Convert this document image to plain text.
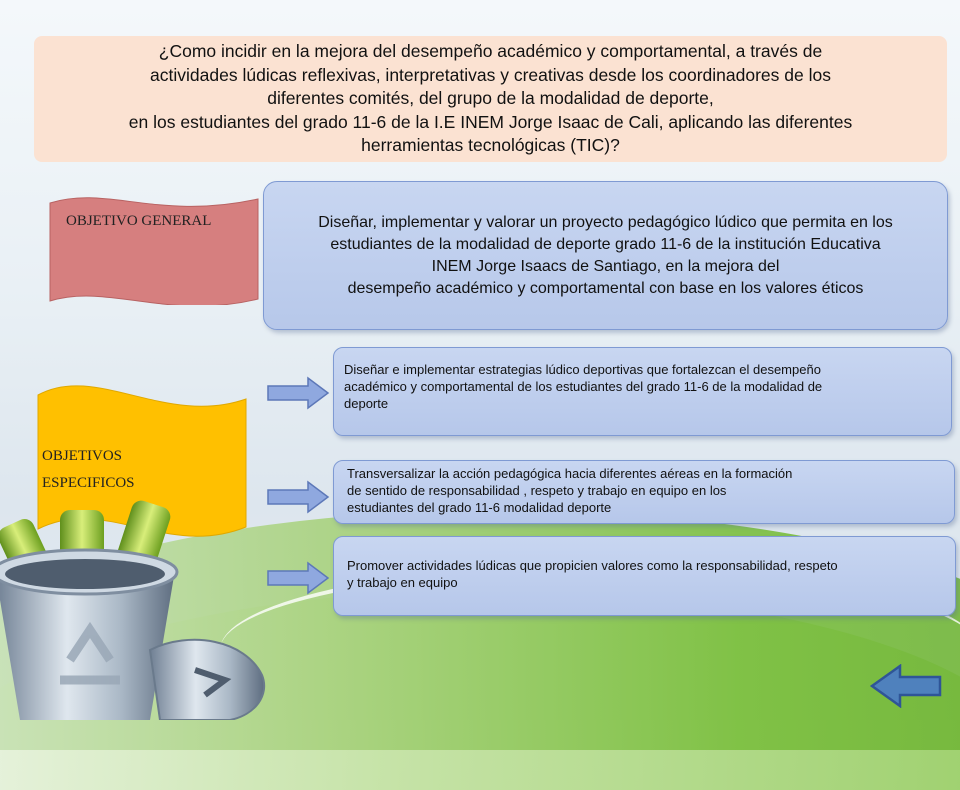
¿Como incidir en la mejora del desempeño académico y comportamental, a través de
actividades lúdicas reflexivas, interpretativas y creativas desde los coordinadores de los
diferentes comités, del grupo de la modalidad de deporte,
en los estudiantes del grado 11-6 de la I.E INEM Jorge Isaac de Cali, aplicando las diferentes
herramientas tecnológicas (TIC)?

OBJETIVO GENERAL	Diseñar, implementar y valorar un proyecto pedagógico lúdico que permita en los
estudiantes de la modalidad de deporte grado 11-6 de la institución Educativa
INEM Jorge Isaacs de Santiago, en la mejora del
desempeño académico y comportamental con base en los valores éticos

OBJETIVOS
ESPECIFICOS

Diseñar e implementar estrategias lúdico deportivas que fortalezcan el desempeño
académico y comportamental de los estudiantes del grado 11-6 de la modalidad de
deporte

Transversalizar la acción pedagógica hacia diferentes aéreas en la formación
de sentido de responsabilidad , respeto y trabajo en equipo en los
estudiantes del grado 11-6 modalidad deporte

Promover actividades lúdicas que propicien valores como la responsabilidad, respeto
y trabajo en equipo
